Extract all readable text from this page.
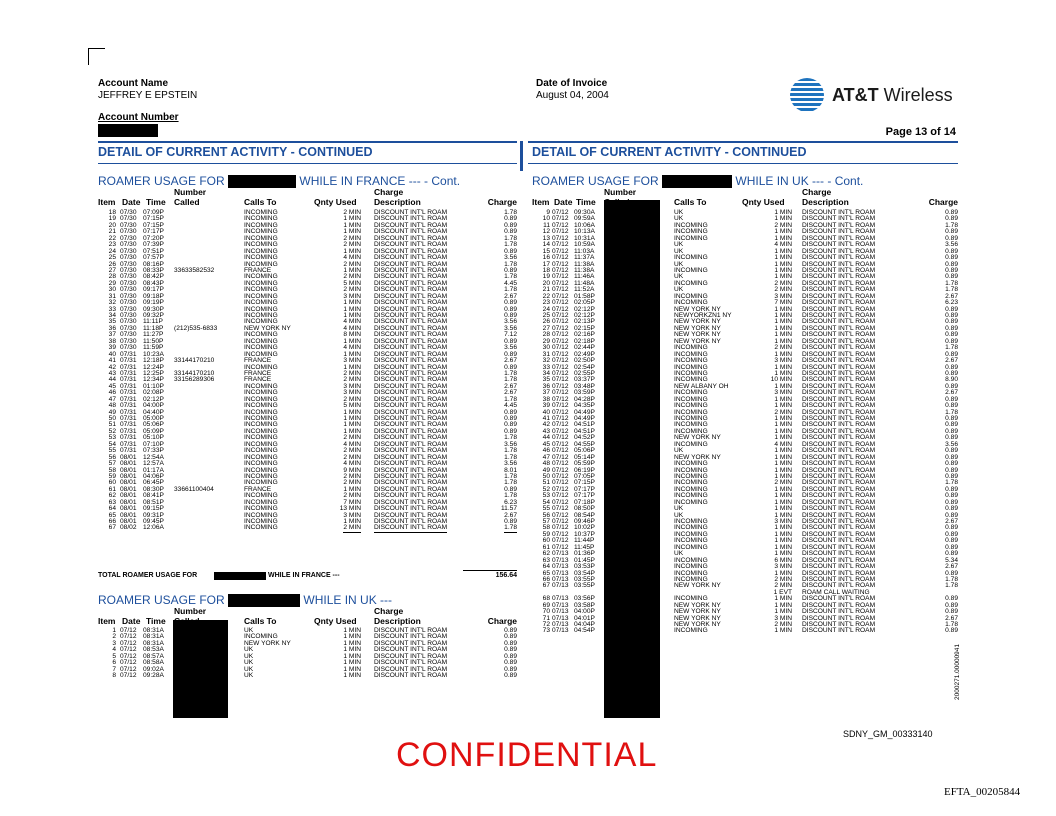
Account Name
JEFFREY E EPSTEIN
Account Number
Date of Invoice
August 04, 2004	AT&T Wireless
Page 13 of 14
DETAIL OF CURRENT ACTIVITY - CONTINUED	DETAIL OF CURRENT ACTIVITY - CONTINUED
ROAMER USAGE FOR	WHILE IN FRANCE --- - Cont.
Number	Charge
Item Date Time Called	Calls To	Qnty Used Description	Charge
18 07/30 07:09P	INCOMING	2 MIN DISCOUNT INT'L ROAM	1.78
19 07/30 07:15P	INCOMING	1 MIN DISCOUNT INT'L ROAM	0.89
20 07/30 07:15P	INCOMING	1 MIN DISCOUNT INT'L ROAM	0.89
21 07/30 07:17P	INCOMING	1 MIN DISCOUNT INT'L ROAM	0.89
22 07/30 07:20P	INCOMING	2 MIN DISCOUNT INT'L ROAM	1.78
23 07/30 07:39P	INCOMING	2 MIN DISCOUNT INT'L ROAM	1.78
24 07/30 07:51P	INCOMING	1 MIN DISCOUNT INT'L ROAM	0.89
25 07/30 07:57P	INCOMING	4 MIN DISCOUNT INT'L ROAM	3.56
26 07/30 08:16P	INCOMING	2 MIN DISCOUNT INT'L ROAM	1.78
27 07/30 08:33P 33633582532	FRANCE	1 MIN DISCOUNT INT'L ROAM	0.89
28 07/30 08:42P	INCOMING	2 MIN DISCOUNT INT'L ROAM	1.78
29 07/30 08:43P	INCOMING	5 MIN DISCOUNT INT'L ROAM	4.45
30 07/30 09:17P	INCOMING	2 MIN DISCOUNT INT'L ROAM	1.78
31 07/30 09:18P	INCOMING	3 MIN DISCOUNT INT'L ROAM	2.67
32 07/30 09:19P	INCOMING	1 MIN DISCOUNT INT'L ROAM	0.89
33 07/30 09:30P	INCOMING	1 MIN DISCOUNT INT'L ROAM	0.89
34 07/30 09:32P	INCOMING	1 MIN DISCOUNT INT'L ROAM	0.89
35 07/30 11:11P	INCOMING	4 MIN DISCOUNT INT'L ROAM	3.56
36 07/30 11:18P (212)535-6833	NEW YORK NY	4 MIN DISCOUNT INT'L ROAM	3.56
37 07/30 11:27P	INCOMING	8 MIN DISCOUNT INT'L ROAM	7.12
38 07/30 11:50P	INCOMING	1 MIN DISCOUNT INT'L ROAM	0.89
39 07/30 11:59P	INCOMING	4 MIN DISCOUNT INT'L ROAM	3.56
40 07/31 10:23A	INCOMING	1 MIN DISCOUNT INT'L ROAM	0.89
41 07/31 12:18P 33144170210	FRANCE	3 MIN DISCOUNT INT'L ROAM	2.67
42 07/31 12:24P	INCOMING	1 MIN DISCOUNT INT'L ROAM	0.89
43 07/31 12:25P 33144170210	FRANCE	2 MIN DISCOUNT INT'L ROAM	1.78
44 07/31 12:34P 33156289306	FRANCE	2 MIN DISCOUNT INT'L ROAM	1.78
45 07/31 01:10P	INCOMING	3 MIN DISCOUNT INT'L ROAM	2.67
46 07/31 02:08P	INCOMING	3 MIN DISCOUNT INT'L ROAM	2.67
47 07/31 02:12P	INCOMING	2 MIN DISCOUNT INT'L ROAM	1.78
48 07/31 04:00P	INCOMING	5 MIN DISCOUNT INT'L ROAM	4.45
49 07/31 04:40P	INCOMING	1 MIN DISCOUNT INT'L ROAM	0.89
50 07/31 05:00P	INCOMING	1 MIN DISCOUNT INT'L ROAM	0.89
51 07/31 05:06P	INCOMING	1 MIN DISCOUNT INT'L ROAM	0.89
52 07/31 05:09P	INCOMING	1 MIN DISCOUNT INT'L ROAM	0.89
53 07/31 05:10P	INCOMING	2 MIN DISCOUNT INT'L ROAM	1.78
54 07/31 07:10P	INCOMING	4 MIN DISCOUNT INT'L ROAM	3.56
55 07/31 07:33P	INCOMING	2 MIN DISCOUNT INT'L ROAM	1.78
56 08/01 12:54A	INCOMING	2 MIN DISCOUNT INT'L ROAM	1.78
57 08/01 12:57A	INCOMING	4 MIN DISCOUNT INT'L ROAM	3.56
58 08/01 01:17A	INCOMING	9 MIN DISCOUNT INT'L ROAM	8.01
59 08/01 04:06P	INCOMING	2 MIN DISCOUNT INT'L ROAM	1.78
60 08/01 06:45P	INCOMING	2 MIN DISCOUNT INT'L ROAM	1.78
61 08/01 08:30P 33661100404	FRANCE	1 MIN DISCOUNT INT'L ROAM	0.89
62 08/01 08:41P	INCOMING	2 MIN DISCOUNT INT'L ROAM	1.78
63 08/01 08:51P	INCOMING	7 MIN DISCOUNT INT'L ROAM	6.23
64 08/01 09:15P	INCOMING	13 MIN DISCOUNT INT'L ROAM	11.57
65 08/01 09:31P	INCOMING	3 MIN DISCOUNT INT'L ROAM	2.67
66 08/01 09:45P	INCOMING	1 MIN DISCOUNT INT'L ROAM	0.89
67 08/02 12:06A	INCOMING	2 MIN DISCOUNT INT'L ROAM	1.78
TOTAL ROAMER USAGE FOR	WHILE IN FRANCE ---	156.64
ROAMER USAGE FOR	WHILE IN UK ---
Number	Charge
Item Date Time	Calls To	Qnty Used Description	Charge
1 07/12 08:31A	UK	1 MIN DISCOUNT INT'L ROAM	0.89
2 07/12 08:31A	INCOMING	1 MIN DISCOUNT INT'L ROAM	0.89
3 07/12 08:31A	NEW YORK NY	1 MIN DISCOUNT INT'L ROAM	0.89
4 07/12 08:53A	UK	1 MIN DISCOUNT INT'L ROAM	0.89
5 07/12 08:57A	UK	1 MIN DISCOUNT INT'L ROAM	0.89
6 07/12 08:58A	UK	1 MIN DISCOUNT INT'L ROAM	0.89
7 07/12 09:02A	UK	1 MIN DISCOUNT INT'L ROAM	0.89
8 07/12 09:28A	UK	1 MIN DISCOUNT INT'L ROAM	0.89
ROAMER USAGE FOR	WHILE IN UK --- - Cont.
Number	Charge
Item Date Time	Calls To	Qnty Used Description	Charge
9 07/12 09:30A	UK	1 MIN DISCOUNT INT'L ROAM	0.89
10 07/12 09:59A	UK	1 MIN DISCOUNT INT'L ROAM	0.89
11 07/12 10:06A	INCOMING	2 MIN DISCOUNT INT'L ROAM	1.78
12 07/12 10:13A	INCOMING	1 MIN DISCOUNT INT'L ROAM	0.89
13 07/12 10:31A	INCOMING	1 MIN DISCOUNT INT'L ROAM	0.89
14 07/12 10:59A	UK	4 MIN DISCOUNT INT'L ROAM	3.56
15 07/12 11:03A	UK	1 MIN DISCOUNT INT'L ROAM	0.89
16 07/12 11:37A	INCOMING	1 MIN DISCOUNT INT'L ROAM	0.89
17 07/12 11:38A	UK	1 MIN DISCOUNT INT'L ROAM	0.89
18 07/12 11:38A	INCOMING	1 MIN DISCOUNT INT'L ROAM	0.89
19 07/12 11:46A	UK	1 MIN DISCOUNT INT'L ROAM	0.89
20 07/12 11:48A	INCOMING	2 MIN DISCOUNT INT'L ROAM	1.78
21 07/12 11:52A	UK	2 MIN DISCOUNT INT'L ROAM	1.78
22 07/12 01:58P	INCOMING	3 MIN DISCOUNT INT'L ROAM	2.67
23 07/12 02:05P	INCOMING	7 MIN DISCOUNT INT'L ROAM	6.23
24 07/12 02:12P	NEW YORK NY	1 MIN DISCOUNT INT'L ROAM	0.89
25 07/12 02:12P	NEWYORKZN1 NY	1 MIN DISCOUNT INT'L ROAM	0.89
26 07/12 02:13P	NEW YORK NY	1 MIN DISCOUNT INT'L ROAM	0.89
27 07/12 02:15P	NEW YORK NY	1 MIN DISCOUNT INT'L ROAM	0.89
28 07/12 02:16P	NEW YORK NY	1 MIN DISCOUNT INT'L ROAM	0.89
29 07/12 02:18P	NEW YORK NY	1 MIN DISCOUNT INT'L ROAM	0.89
30 07/12 02:44P	INCOMING	2 MIN DISCOUNT INT'L ROAM	1.78
31 07/12 02:49P	INCOMING	1 MIN DISCOUNT INT'L ROAM	0.89
32 07/12 02:50P	INCOMING	3 MIN DISCOUNT INT'L ROAM	2.67
33 07/12 02:54P	INCOMING	1 MIN DISCOUNT INT'L ROAM	0.89
34 07/12 02:55P	INCOMING	1 MIN DISCOUNT INT'L ROAM	0.89
35 07/12 03:37P	INCOMING	10 MIN DISCOUNT INT'L ROAM	8.90
36 07/12 03:48P	NEW ALBANY OH	1 MIN DISCOUNT INT'L ROAM	0.89
37 07/12 03:59P	INCOMING	3 MIN DISCOUNT INT'L ROAM	2.67
38 07/12 04:28P	INCOMING	1 MIN DISCOUNT INT'L ROAM	0.89
39 07/12 04:35P	INCOMING	1 MIN DISCOUNT INT'L ROAM	0.89
40 07/12 04:49P	INCOMING	2 MIN DISCOUNT INT'L ROAM	1.78
41 07/12 04:49P	INCOMING	1 MIN DISCOUNT INT'L ROAM	0.89
42 07/12 04:51P	INCOMING	1 MIN DISCOUNT INT'L ROAM	0.89
43 07/12 04:51P	INCOMING	1 MIN DISCOUNT INT'L ROAM	0.89
44 07/12 04:52P	NEW YORK NY	1 MIN DISCOUNT INT'L ROAM	0.89
45 07/12 04:55P	INCOMING	4 MIN DISCOUNT INT'L ROAM	3.56
46 07/12 05:06P	UK	1 MIN DISCOUNT INT'L ROAM	0.89
47 07/12 05:14P	NEW YORK NY	1 MIN DISCOUNT INT'L ROAM	0.89
48 07/12 05:59P	INCOMING	1 MIN DISCOUNT INT'L ROAM	0.89
49 07/12 06:19P	INCOMING	1 MIN DISCOUNT INT'L ROAM	0.89
50 07/12 07:05P	INCOMING	1 MIN DISCOUNT INT'L ROAM	0.89
51 07/12 07:15P	INCOMING	2 MIN DISCOUNT INT'L ROAM	1.78
52 07/12 07:17P	INCOMING	1 MIN DISCOUNT INT'L ROAM	0.89
53 07/12 07:17P	INCOMING	1 MIN DISCOUNT INT'L ROAM	0.89
54 07/12 07:18P	INCOMING	1 MIN DISCOUNT INT'L ROAM	0.89
55 07/12 08:50P	UK	1 MIN DISCOUNT INT'L ROAM	0.89
56 07/12 08:54P	UK	1 MIN DISCOUNT INT'L ROAM	0.89
57 07/12 09:46P	INCOMING	3 MIN DISCOUNT INT'L ROAM	2.67
58 07/12 10:02P	INCOMING	1 MIN DISCOUNT INT'L ROAM	0.89
59 07/12 10:37P	INCOMING	1 MIN DISCOUNT INT'L ROAM	0.89
60 07/12 11:44P	INCOMING	1 MIN DISCOUNT INT'L ROAM	0.89
61 07/12 11:45P	INCOMING	1 MIN DISCOUNT INT'L ROAM	0.89
62 07/13 01:36P	UK	1 MIN DISCOUNT INT'L ROAM	0.89
63 07/13 01:45P	INCOMING	6 MIN DISCOUNT INT'L ROAM	5.34
64 07/13 03:53P	INCOMING	3 MIN DISCOUNT INT'L ROAM	2.67
65 07/13 03:54P	INCOMING	1 MIN DISCOUNT INT'L ROAM	0.89
66 07/13 03:55P	INCOMING	2 MIN DISCOUNT INT'L ROAM	1.78
67 07/13 03:55P	NEW YORK NY	2 MIN DISCOUNT INT'L ROAM	1.78
1 EVT ROAM CALL WAITING
68 07/13 03:56P	INCOMING	1 MIN DISCOUNT INT'L ROAM	0.89
69 07/13 03:58P	NEW YORK NY	1 MIN DISCOUNT INT'L ROAM	0.89
70 07/13 04:00P	NEW YORK NY	1 MIN DISCOUNT INT'L ROAM	0.89
71 07/13 04:01P	NEW YORK NY	3 MIN DISCOUNT INT'L ROAM	2.67
72 07/13 04:04P	NEW YORK NY	2 MIN DISCOUNT INT'L ROAM	1.78
73 07/13 04:54P	INCOMING	1 MIN DISCOUNT INT'L ROAM	0.89
2000271.00000941
SDNY_GM_00333140
CONFIDENTIAL
EFTA_00205844
